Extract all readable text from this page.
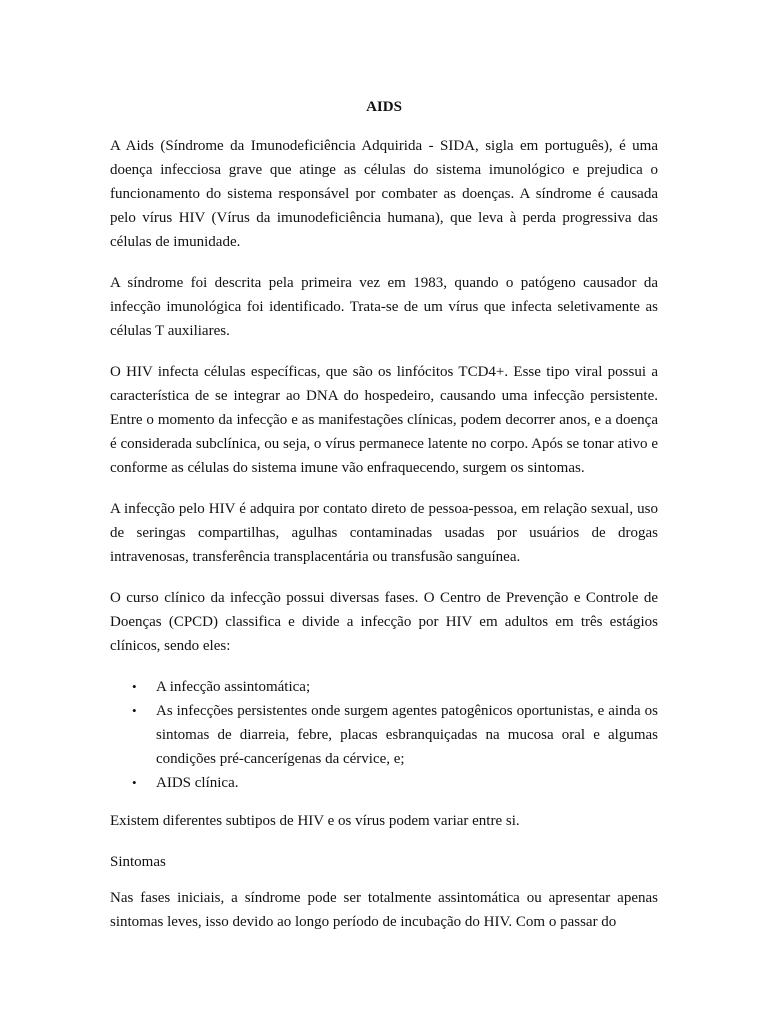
AIDS

A Aids (Síndrome da Imunodeficiência Adquirida - SIDA, sigla em português), é uma doença infecciosa grave que atinge as células do sistema imunológico e prejudica o funcionamento do sistema responsável por combater as doenças. A síndrome é causada pelo vírus HIV (Vírus da imunodeficiência humana), que leva à perda progressiva das células de imunidade.

A síndrome foi descrita pela primeira vez em 1983, quando o patógeno causador da infecção imunológica foi identificado. Trata-se de um vírus que infecta seletivamente as células T auxiliares.

O HIV infecta células específicas, que são os linfócitos TCD4+. Esse tipo viral possui a característica de se integrar ao DNA do hospedeiro, causando uma infecção persistente. Entre o momento da infecção e as manifestações clínicas, podem decorrer anos, e a doença é considerada subclínica, ou seja, o vírus permanece latente no corpo. Após se tonar ativo e conforme as células do sistema imune vão enfraquecendo, surgem os sintomas.

A infecção pelo HIV é adquira por contato direto de pessoa-pessoa, em relação sexual, uso de seringas compartilhas, agulhas contaminadas usadas por usuários de drogas intravenosas, transferência transplacentária ou transfusão sanguínea.

O curso clínico da infecção possui diversas fases. O Centro de Prevenção e Controle de Doenças (CPCD) classifica e divide a infecção por HIV em adultos em três estágios clínicos, sendo eles:

• A infecção assintomática;
• As infecções persistentes onde surgem agentes patogênicos oportunistas, e ainda os sintomas de diarreia, febre, placas esbranquiçadas na mucosa oral e algumas condições pré-cancerígenas da cérvice, e;
• AIDS clínica.

Existem diferentes subtipos de HIV e os vírus podem variar entre si.

Sintomas

Nas fases iniciais, a síndrome pode ser totalmente assintomática ou apresentar apenas sintomas leves, isso devido ao longo período de incubação do HIV. Com o passar do
